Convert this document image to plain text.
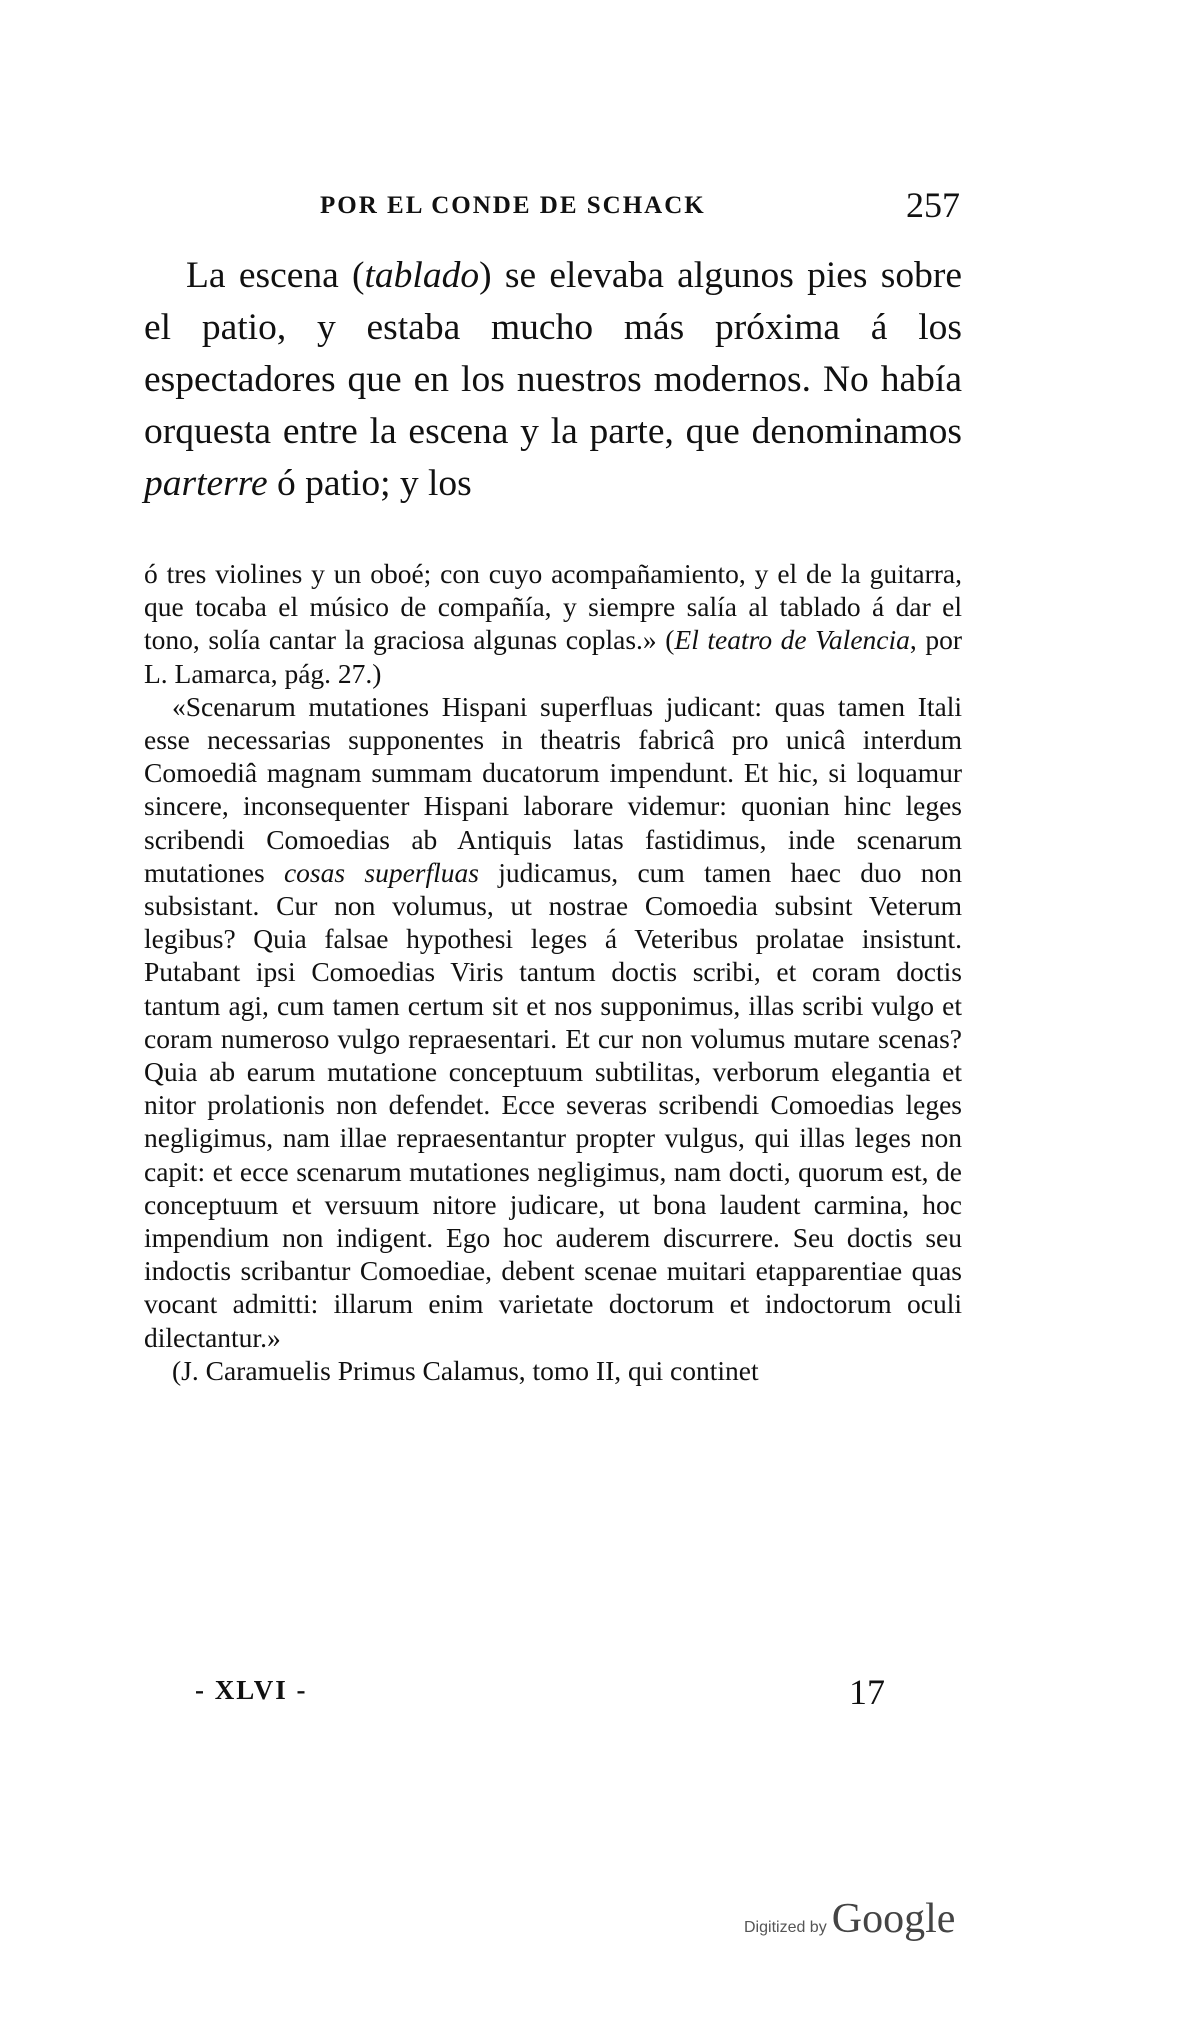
POR EL CONDE DE SCHACK	257

La escena (tablado) se elevaba algunos pies sobre el patio, y estaba mucho más próxima á los espectadores que en los nuestros modernos. No había orquesta entre la escena y la parte, que denominamos parterre ó patio; y los

ó tres violines y un oboé; con cuyo acompañamiento, y el de la guitarra, que tocaba el músico de compañía, y siempre salía al tablado á dar el tono, solía cantar la graciosa algunas coplas.» (El teatro de Valencia, por L. Lamarca, pág. 27.)

«Scenarum mutationes Hispani superfluas judicant: quas tamen Itali esse necessarias supponentes in theatris fabricâ pro unicâ interdum Comoediâ magnam summam ducatorum impendunt. Et hic, si loquamur sincere, inconsequenter Hispani laborare videmur: quonian hinc leges scribendi Comoedias ab Antiquis latas fastidimus, inde scenarum mutationes cosas superfluas judicamus, cum tamen haec duo non subsistant. Cur non volumus, ut nostrae Comoedia subsint Veterum legibus? Quia falsae hypothesi leges á Veteribus prolatae insistunt. Putabant ipsi Comoedias Viris tantum doctis scribi, et coram doctis tantum agi, cum tamen certum sit et nos supponimus, illas scribi vulgo et coram numeroso vulgo repraesentari. Et cur non volumus mutare scenas? Quia ab earum mutatione conceptuum subtilitas, verborum elegantia et nitor prolationis non defendet. Ecce severas scribendi Comoedias leges negligimus, nam illae repraesentantur propter vulgus, qui illas leges non capit: et ecce scenarum mutationes negligimus, nam docti, quorum est, de conceptuum et versuum nitore judicare, ut bona laudent carmina, hoc impendium non indigent. Ego hoc auderem discurrere. Seu doctis seu indoctis scribantur Comoediae, debent scenae muitari etapparentiae quas vocant admitti: illarum enim varietate doctorum et indoctorum oculi dilectantur.»

(J. Caramuelis Primus Calamus, tomo II, qui continet

- XLVI -	17
Digitized by Google
